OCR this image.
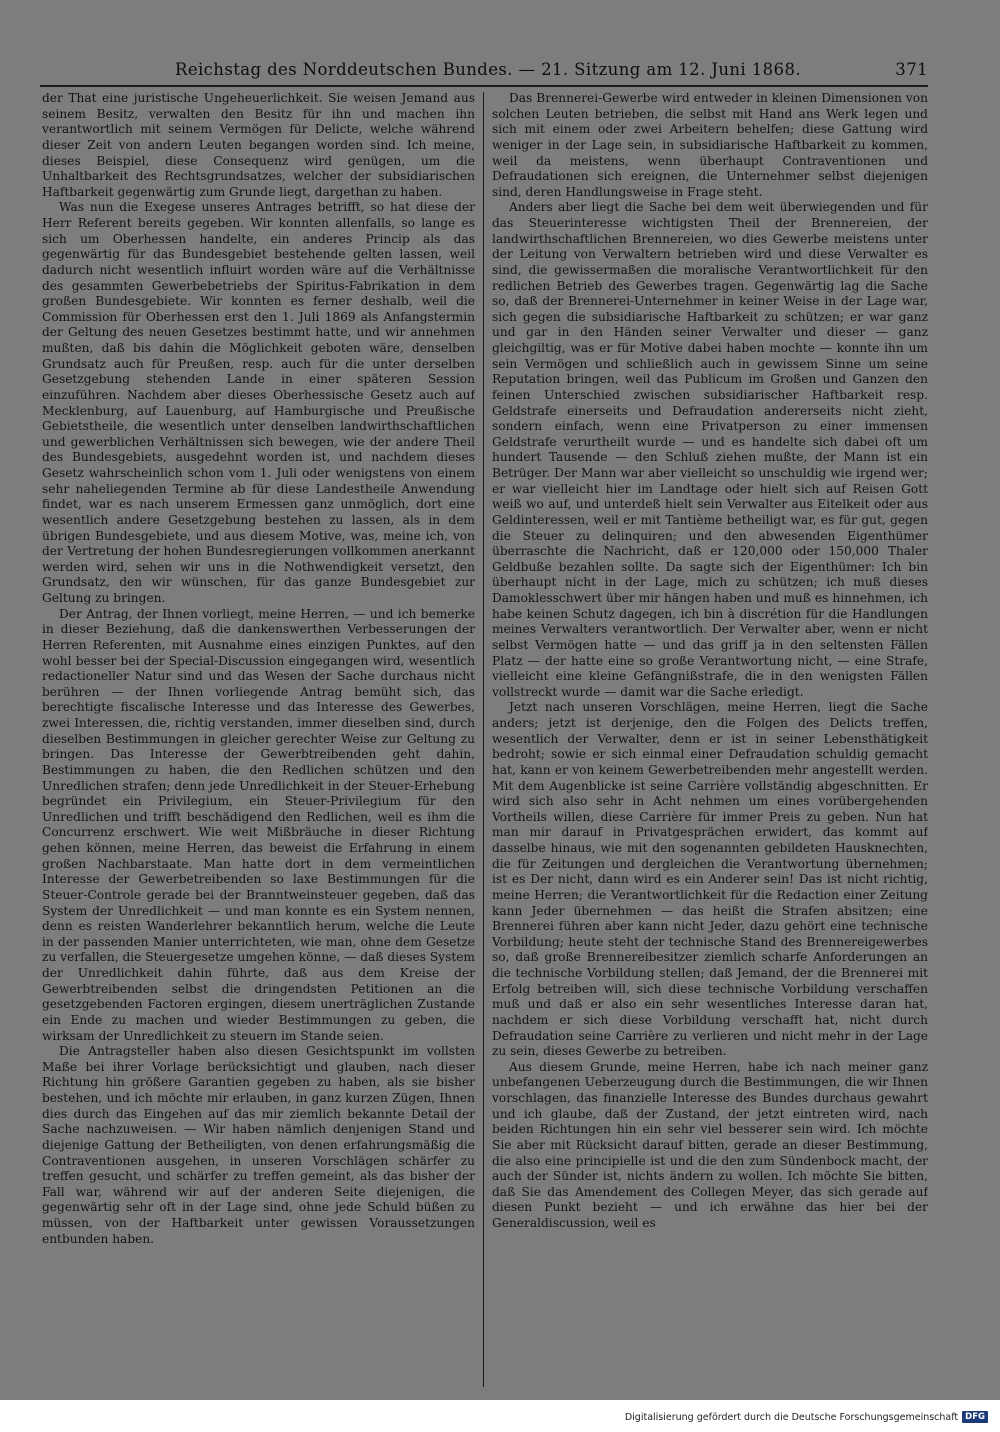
Reichstag des Norddeutschen Bundes. — 21. Sitzung am 12. Juni 1868.	371

der That eine juristische Ungeheuerlichkeit. Sie weisen Jemand aus seinem Besitz, verwalten den Besitz für ihn und machen ihn verantwortlich mit seinem Vermögen für Delicte, welche während dieser Zeit von andern Leuten begangen worden sind. Ich meine, dieses Beispiel, diese Consequenz wird genügen, um die Unhaltbarkeit des Rechtsgrundsatzes, welcher der subsidiarischen Haftbarkeit gegenwärtig zum Grunde liegt, dargethan zu haben.

Was nun die Exegese unseres Antrages betrifft, so hat diese der Herr Referent bereits gegeben. Wir konnten allenfalls, so lange es sich um Oberhessen handelte, ein anderes Princip als das gegenwärtig für das Bundesgebiet bestehende gelten lassen, weil dadurch nicht wesentlich influirt worden wäre auf die Verhältnisse des gesammten Gewerbebetriebs der Spiritus-Fabrikation in dem großen Bundesgebiete. Wir konnten es ferner deshalb, weil die Commission für Oberhessen erst den 1. Juli 1869 als Anfangstermin der Geltung des neuen Gesetzes bestimmt hatte, und wir annehmen mußten, daß bis dahin die Möglichkeit geboten wäre, denselben Grundsatz auch für Preußen, resp. auch für die unter derselben Gesetzgebung stehenden Lande in einer späteren Session einzuführen. Nachdem aber dieses Oberhessische Gesetz auch auf Mecklenburg, auf Lauenburg, auf Hamburgische und Preußische Gebietstheile, die wesentlich unter denselben landwirthschaftlichen und gewerblichen Verhältnissen sich bewegen, wie der andere Theil des Bundesgebiets, ausgedehnt worden ist, und nachdem dieses Gesetz wahrscheinlich schon vom 1. Juli oder wenigstens von einem sehr naheliegenden Termine ab für diese Landestheile Anwendung findet, war es nach unserem Ermessen ganz unmöglich, dort eine wesentlich andere Gesetzgebung bestehen zu lassen, als in dem übrigen Bundesgebiete, und aus diesem Motive, was, meine ich, von der Vertretung der hohen Bundesregierungen vollkommen anerkannt werden wird, sehen wir uns in die Nothwendigkeit versetzt, den Grundsatz, den wir wünschen, für das ganze Bundesgebiet zur Geltung zu bringen.

Der Antrag, der Ihnen vorliegt, meine Herren, — und ich bemerke in dieser Beziehung, daß die dankenswerthen Verbesserungen der Herren Referenten, mit Ausnahme eines einzigen Punktes, auf den wohl besser bei der Special-Discussion eingegangen wird, wesentlich redactioneller Natur sind und das Wesen der Sache durchaus nicht berühren — der Ihnen vorliegende Antrag bemüht sich, das berechtigte fiscalische Interesse und das Interesse des Gewerbes, zwei Interessen, die, richtig verstanden, immer dieselben sind, durch dieselben Bestimmungen in gleicher gerechter Weise zur Geltung zu bringen. Das Interesse der Gewerbtreibenden geht dahin, Bestimmungen zu haben, die den Redlichen schützen und den Unredlichen strafen; denn jede Unredlichkeit in der Steuer-Erhebung begründet ein Privilegium, ein Steuer-Privilegium für den Unredlichen und trifft beschädigend den Redlichen, weil es ihm die Concurrenz erschwert. Wie weit Mißbräuche in dieser Richtung gehen können, meine Herren, das beweist die Erfahrung in einem großen Nachbarstaate. Man hatte dort in dem vermeintlichen Interesse der Gewerbetreibenden so laxe Bestimmungen für die Steuer-Controle gerade bei der Branntweinsteuer gegeben, daß das System der Unredlichkeit — und man konnte es ein System nennen, denn es reisten Wanderlehrer bekanntlich herum, welche die Leute in der passenden Manier unterrichteten, wie man, ohne dem Gesetze zu verfallen, die Steuergesetze umgehen könne, — daß dieses System der Unredlichkeit dahin führte, daß aus dem Kreise der Gewerbtreibenden selbst die dringendsten Petitionen an die gesetzgebenden Factoren ergingen, diesem unerträglichen Zustande ein Ende zu machen und wieder Bestimmungen zu geben, die wirksam der Unredlichkeit zu steuern im Stande seien.

Die Antragsteller haben also diesen Gesichtspunkt im vollsten Maße bei ihrer Vorlage berücksichtigt und glauben, nach dieser Richtung hin größere Garantien gegeben zu haben, als sie bisher bestehen, und ich möchte mir erlauben, in ganz kurzen Zügen, Ihnen dies durch das Eingehen auf das mir ziemlich bekannte Detail der Sache nachzuweisen. — Wir haben nämlich denjenigen Stand und diejenige Gattung der Betheiligten, von denen erfahrungsmäßig die Contraventionen ausgehen, in unseren Vorschlägen schärfer zu treffen gesucht, und schärfer zu treffen gemeint, als das bisher der Fall war, während wir auf der anderen Seite diejenigen, die gegenwärtig sehr oft in der Lage sind, ohne jede Schuld büßen zu müssen, von der Haftbarkeit unter gewissen Voraussetzungen entbunden haben.

Das Brennerei-Gewerbe wird entweder in kleinen Dimensionen von solchen Leuten betrieben, die selbst mit Hand ans Werk legen und sich mit einem oder zwei Arbeitern behelfen; diese Gattung wird weniger in der Lage sein, in subsidiarische Haftbarkeit zu kommen, weil da meistens, wenn überhaupt Contraventionen und Defraudationen sich ereignen, die Unternehmer selbst diejenigen sind, deren Handlungsweise in Frage steht.

Anders aber liegt die Sache bei dem weit überwiegenden und für das Steuerinteresse wichtigsten Theil der Brennereien, der landwirthschaftlichen Brennereien, wo dies Gewerbe meistens unter der Leitung von Verwaltern betrieben wird und diese Verwalter es sind, die gewissermaßen die moralische Verantwortlichkeit für den redlichen Betrieb des Gewerbes tragen. Gegenwärtig lag die Sache so, daß der Brennerei-Unternehmer in keiner Weise in der Lage war, sich gegen die subsidiarische Haftbarkeit zu schützen; er war ganz und gar in den Händen seiner Verwalter und dieser — ganz gleichgiltig, was er für Motive dabei haben mochte — konnte ihn um sein Vermögen und schließlich auch in gewissem Sinne um seine Reputation bringen, weil das Publicum im Großen und Ganzen den feinen Unterschied zwischen subsidiarischer Haftbarkeit resp. Geldstrafe einerseits und Defraudation andererseits nicht zieht, sondern einfach, wenn eine Privatperson zu einer immensen Geldstrafe verurtheilt wurde — und es handelte sich dabei oft um hundert Tausende — den Schluß ziehen mußte, der Mann ist ein Betrüger. Der Mann war aber vielleicht so unschuldig wie irgend wer; er war vielleicht hier im Landtage oder hielt sich auf Reisen Gott weiß wo auf, und unterdeß hielt sein Verwalter aus Eitelkeit oder aus Geldinteressen, weil er mit Tantième betheiligt war, es für gut, gegen die Steuer zu delinquiren; und den abwesenden Eigenthümer überraschte die Nachricht, daß er 120,000 oder 150,000 Thaler Geldbuße bezahlen sollte. Da sagte sich der Eigenthümer: Ich bin überhaupt nicht in der Lage, mich zu schützen; ich muß dieses Damoklesschwert über mir hängen haben und muß es hinnehmen, ich habe keinen Schutz dagegen, ich bin à discrétion für die Handlungen meines Verwalters verantwortlich. Der Verwalter aber, wenn er nicht selbst Vermögen hatte — und das griff ja in den seltensten Fällen Platz — der hatte eine so große Verantwortung nicht, — eine Strafe, vielleicht eine kleine Gefängnißstrafe, die in den wenigsten Fällen vollstreckt wurde — damit war die Sache erledigt.

Jetzt nach unseren Vorschlägen, meine Herren, liegt die Sache anders; jetzt ist derjenige, den die Folgen des Delicts treffen, wesentlich der Verwalter, denn er ist in seiner Lebensthätigkeit bedroht; sowie er sich einmal einer Defraudation schuldig gemacht hat, kann er von keinem Gewerbetreibenden mehr angestellt werden. Mit dem Augenblicke ist seine Carrière vollständig abgeschnitten. Er wird sich also sehr in Acht nehmen um eines vorübergehenden Vortheils willen, diese Carrière für immer Preis zu geben. Nun hat man mir darauf in Privatgesprächen erwidert, das kommt auf dasselbe hinaus, wie mit den sogenannten gebildeten Hausknechten, die für Zeitungen und dergleichen die Verantwortung übernehmen; ist es Der nicht, dann wird es ein Anderer sein! Das ist nicht richtig, meine Herren; die Verantwortlichkeit für die Redaction einer Zeitung kann Jeder übernehmen — das heißt die Strafen absitzen; eine Brennerei führen aber kann nicht Jeder, dazu gehört eine technische Vorbildung; heute steht der technische Stand des Brennereigewerbes so, daß große Brennereibesitzer ziemlich scharfe Anforderungen an die technische Vorbildung stellen; daß Jemand, der die Brennerei mit Erfolg betreiben will, sich diese technische Vorbildung verschaffen muß und daß er also ein sehr wesentliches Interesse daran hat, nachdem er sich diese Vorbildung verschafft hat, nicht durch Defraudation seine Carrière zu verlieren und nicht mehr in der Lage zu sein, dieses Gewerbe zu betreiben.

Aus diesem Grunde, meine Herren, habe ich nach meiner ganz unbefangenen Ueberzeugung durch die Bestimmungen, die wir Ihnen vorschlagen, das finanzielle Interesse des Bundes durchaus gewahrt und ich glaube, daß der Zustand, der jetzt eintreten wird, nach beiden Richtungen hin ein sehr viel besserer sein wird. Ich möchte Sie aber mit Rücksicht darauf bitten, gerade an dieser Bestimmung, die also eine principielle ist und die den zum Sündenbock macht, der auch der Sünder ist, nichts ändern zu wollen. Ich möchte Sie bitten, daß Sie das Amendement des Collegen Meyer, das sich gerade auf diesen Punkt bezieht — und ich erwähne das hier bei der Generaldiscussion, weil es

Digitalisierung gefördert durch die Deutsche Forschungsgemeinschaft DFG
